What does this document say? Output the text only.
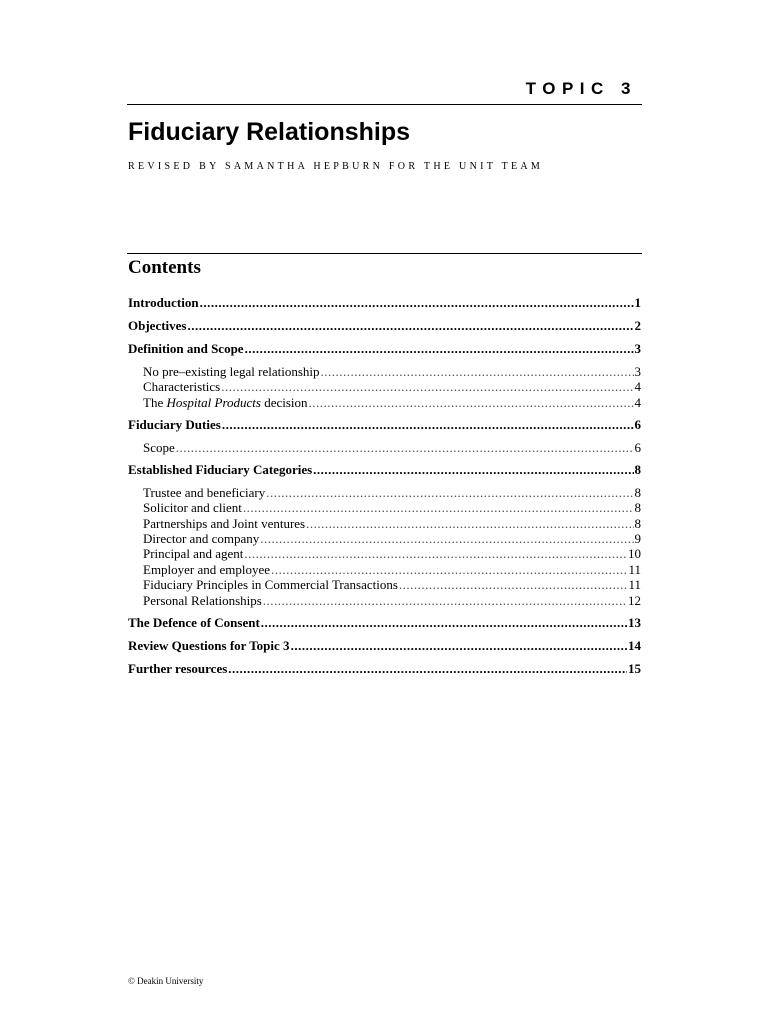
TOPIC 3
Fiduciary Relationships
REVISED BY SAMANTHA HEPBURN FOR THE UNIT TEAM
Contents
Introduction .....	1
Objectives .....	2
Definition and Scope .....	3
No pre–existing legal relationship .....	3
Characteristics .....	4
The Hospital Products decision .....	4
Fiduciary Duties .....	6
Scope .....	6
Established Fiduciary Categories .....	8
Trustee and beneficiary .....	8
Solicitor and client .....	8
Partnerships and Joint ventures .....	8
Director and company .....	9
Principal and agent .....	10
Employer and employee .....	11
Fiduciary Principles in Commercial Transactions .....	11
Personal Relationships .....	12
The Defence of Consent .....	13
Review Questions for Topic 3 .....	14
Further resources .....	15
© Deakin University
